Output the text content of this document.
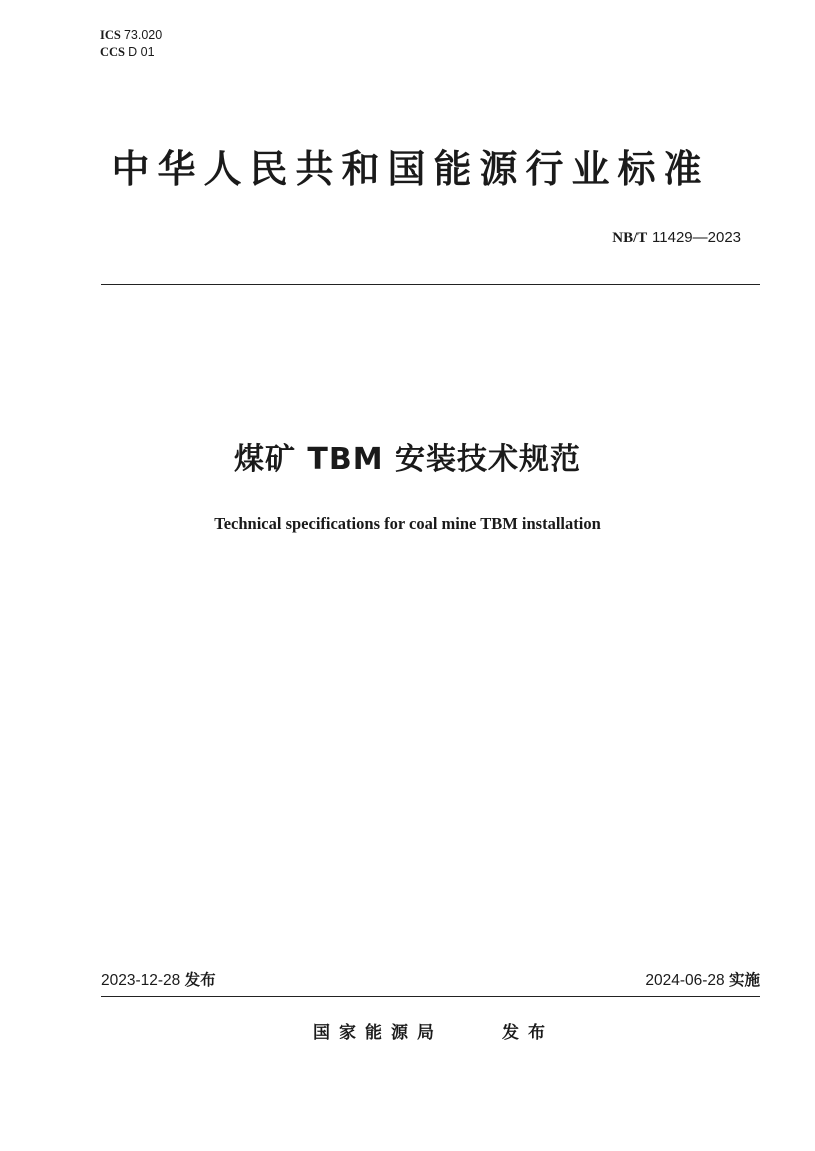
ICS 73.020
CCS D 01
中华人民共和国能源行业标准
NB/T 11429—2023
煤矿 TBM 安装技术规范
Technical specifications for coal mine TBM installation
2023-12-28 发布	2024-06-28 实施
国家能源局	发布
